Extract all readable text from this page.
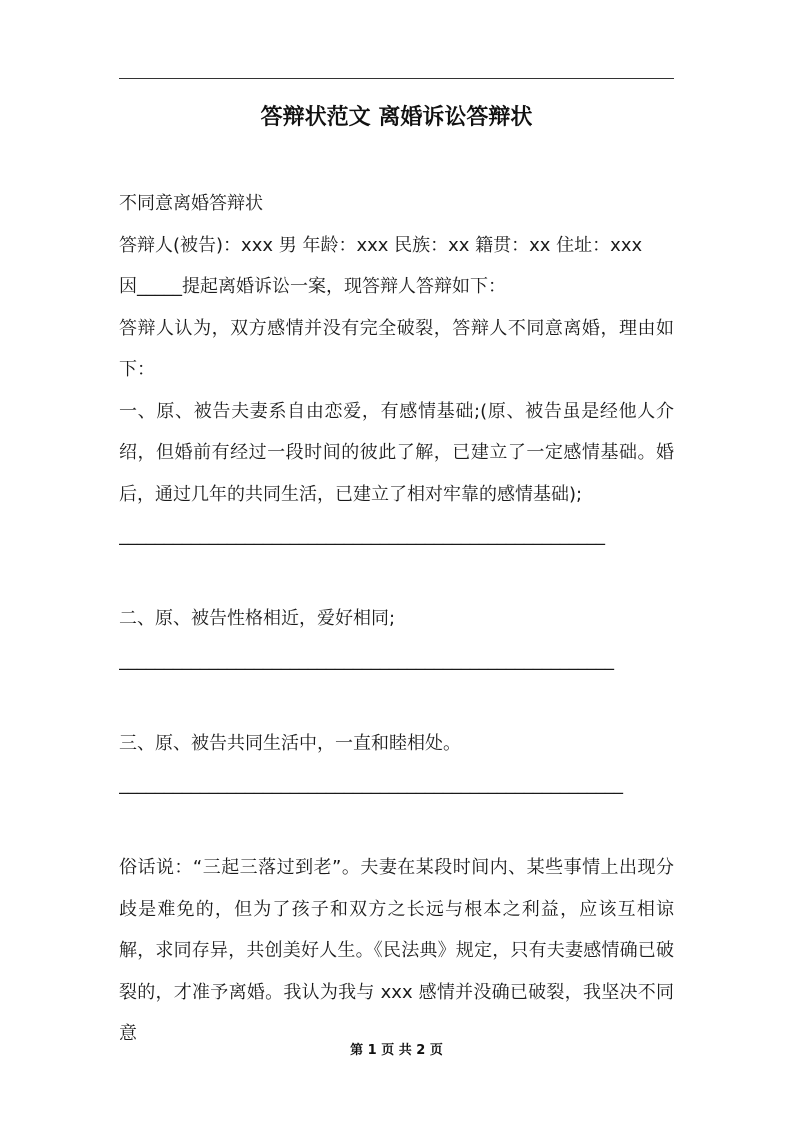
答辩状范文 离婚诉讼答辩状

不同意离婚答辩状

答辩人(被告)：xxx 男 年龄：xxx 民族：xx 籍贯：xx 住址：xxx

因_____提起离婚诉讼一案，现答辩人答辩如下：

答辩人认为，双方感情并没有完全破裂，答辩人不同意离婚，理由如下：

一、原、被告夫妻系自由恋爱，有感情基础;(原、被告虽是经他人介绍，但婚前有经过一段时间的彼此了解，已建立了一定感情基础。婚后，通过几年的共同生活，已建立了相对牢靠的感情基础);

______________________________________________________

二、原、被告性格相近，爱好相同;

_______________________________________________________

三、原、被告共同生活中，一直和睦相处。

________________________________________________________

俗话说：“三起三落过到老”。夫妻在某段时间内、某些事情上出现分歧是难免的，但为了孩子和双方之长远与根本之利益，应该互相谅解，求同存异，共创美好人生。《民法典》规定，只有夫妻感情确已破裂的，才准予离婚。我认为我与 xxx 感情并没确已破裂，我坚决不同意

第 1 页 共 2 页
